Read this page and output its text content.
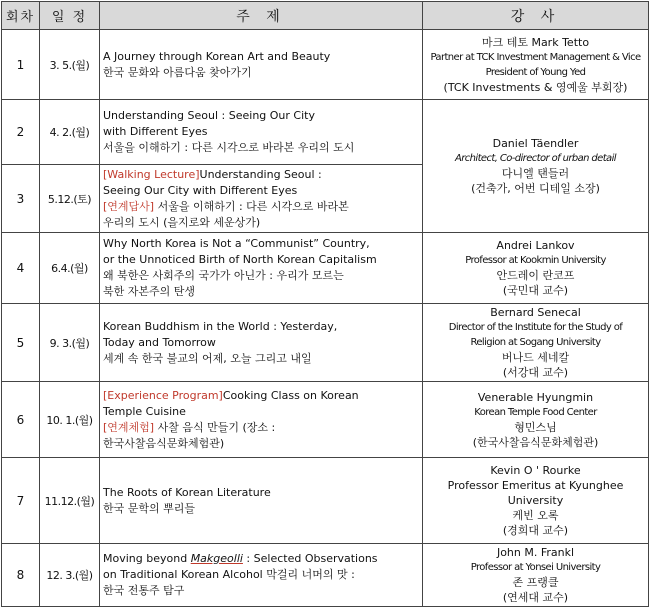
회차	일 정	주 제	강 사
1	3. 5.(월)	A Journey through Korean Art and Beauty
한국 문화와 아름다움 찾아가기	마크 테토 Mark Tetto
Partner at TCK Investment Management & Vice
President of Young Yed
(TCK Investments & 영예울 부회장)

2	4. 2.(월)	Understanding Seoul : Seeing Our City
with Different Eyes
서울을 이해하기 : 다른 시각으로 바라본 우리의 도시	Daniel Täendler
Architect, Co-director of urban detail
다니엘 탠들러
(건축가, 어번 디테일 소장)

3	5.12.(토)	[Walking Lecture]Understanding Seoul :
Seeing Our City with Different Eyes
[연계답사] 서울을 이해하기 : 다른 시각으로 바라본
우리의 도시 (을지로와 세운상가)	

4	6.4.(월)	Why North Korea is Not a “Communist” Country,
or the Unnoticed Birth of North Korean Capitalism
왜 북한은 사회주의 국가가 아닌가 : 우리가 모르는
북한 자본주의 탄생	Andrei Lankov
Professor at Kookmin University
안드레이 란코프
(국민대 교수)

5	9. 3.(월)	Korean Buddhism in the World : Yesterday,
Today and Tomorrow
세계 속 한국 불교의 어제, 오늘 그리고 내일	Bernard Senecal
Director of the Institute for the Study of
Religion at Sogang University
버나드 세네칼
(서강대 교수)

6	10. 1.(월)	[Experience Program]Cooking Class on Korean
Temple Cuisine
[연계체험] 사찰 음식 만들기 (장소 :
한국사찰음식문화체험관)	Venerable Hyungmin
Korean Temple Food Center
형민스님
(한국사찰음식문화체험관)

7	11.12.(월)	The Roots of Korean Literature
한국 문학의 뿌리들	Kevin O ' Rourke
Professor Emeritus at Kyunghee
University
케빈 오록
(경희대 교수)

8	12. 3.(월)	Moving beyond Makgeolli : Selected Observations
on Traditional Korean Alcohol 막걸리 너머의 맛 :
한국 전통주 탐구	John M. Frankl
Professor at Yonsei University
존 프랭클
(연세대 교수)
